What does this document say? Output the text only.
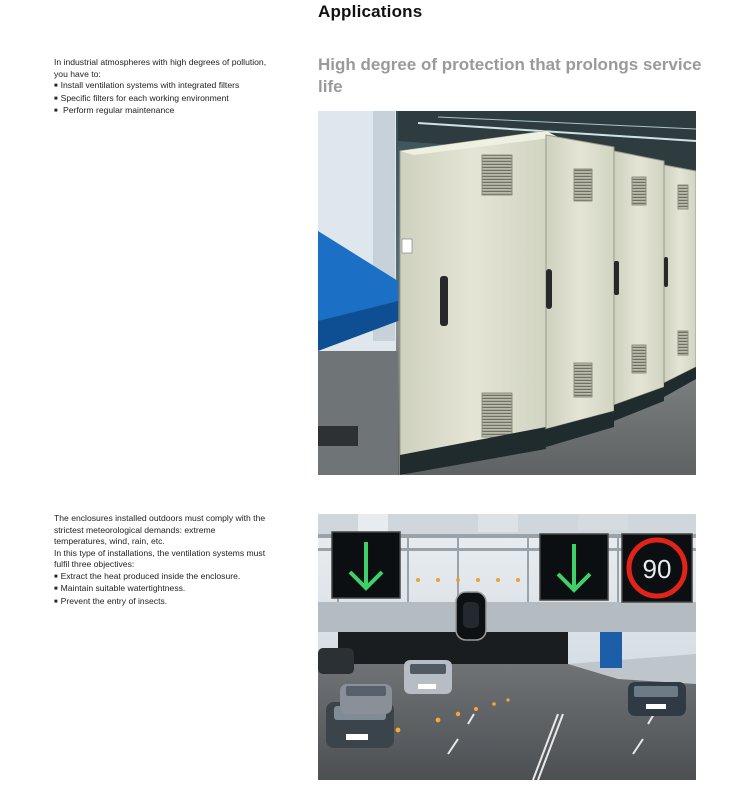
Applications

In industrial atmospheres with high degrees of pollution,

you have to:

■ Install ventilation systems with integrated filters

■ Specific filters for each working environment

■ Perform regular maintenance

High degree of protection that prolongs service life

The enclosures installed outdoors must comply with the

strictest meteorological demands: extreme

temperatures, wind, rain, etc.

In this type of installations, the ventilation systems must

fulfil three objectives:

■ Extract the heat produced inside the enclosure.

■ Maintain suitable watertightness.

■ Prevent the entry of insects.

90
